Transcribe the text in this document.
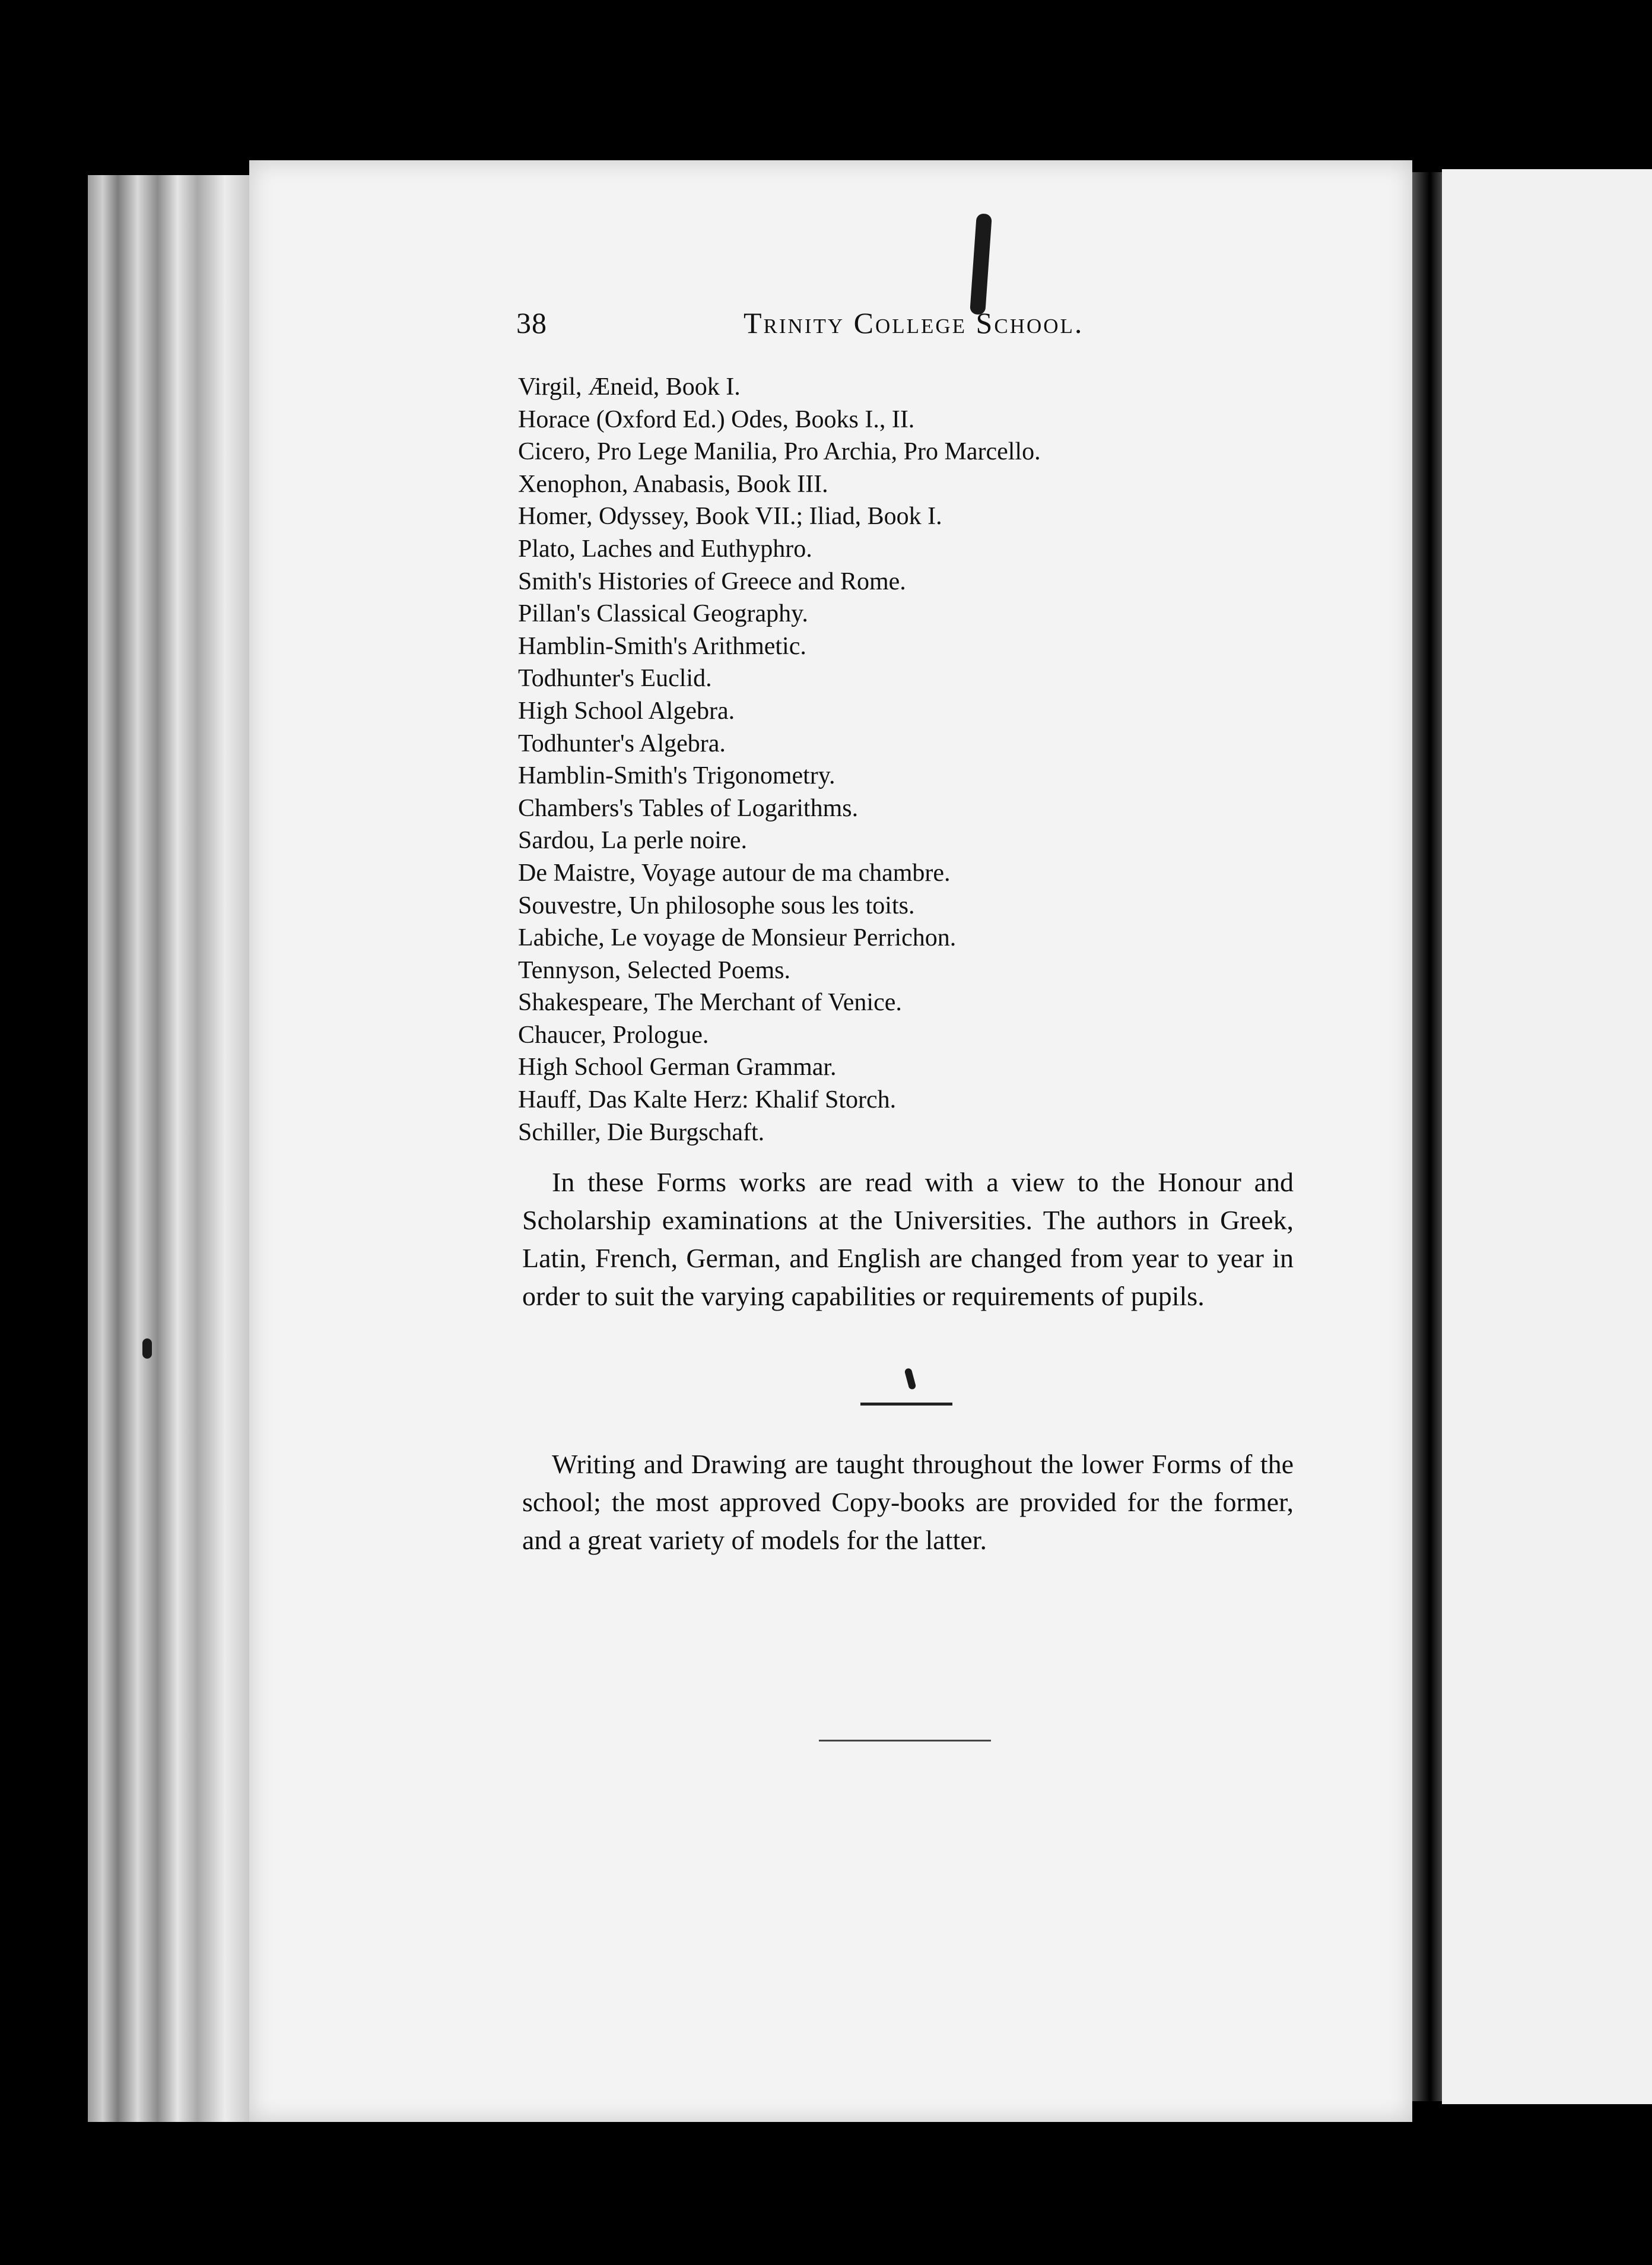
38	Trinity College School.
Virgil, Æneid, Book I.
Horace (Oxford Ed.) Odes, Books I., II.
Cicero, Pro Lege Manilia, Pro Archia, Pro Marcello.
Xenophon, Anabasis, Book III.
Homer, Odyssey, Book VII.; Iliad, Book I.
Plato, Laches and Euthyphro.
Smith's Histories of Greece and Rome.
Pillan's Classical Geography.
Hamblin-Smith's Arithmetic.
Todhunter's Euclid.
High School Algebra.
Todhunter's Algebra.
Hamblin-Smith's Trigonometry.
Chambers's Tables of Logarithms.
Sardou, La perle noire.
De Maistre, Voyage autour de ma chambre.
Souvestre, Un philosophe sous les toits.
Labiche, Le voyage de Monsieur Perrichon.
Tennyson, Selected Poems.
Shakespeare, The Merchant of Venice.
Chaucer, Prologue.
High School German Grammar.
Hauff, Das Kalte Herz: Khalif Storch.
Schiller, Die Burgschaft.

In these Forms works are read with a view to the Honour and Scholarship examinations at the Universities. The authors in Greek, Latin, French, German, and English are changed from year to year in order to suit the varying capabilities or requirements of pupils.

Writing and Drawing are taught throughout the lower Forms of the school; the most approved Copy-books are provided for the former, and a great variety of models for the latter.
